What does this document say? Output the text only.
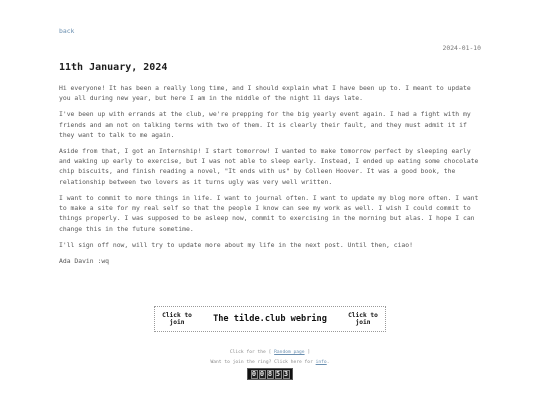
back
2024-01-10
11th January, 2024

Hi everyone! It has been a really long time, and I should explain what I have been up to. I meant to update you all during new year, but here I am in the middle of the night 11 days late.

I've been up with errands at the club, we're prepping for the big yearly event again. I had a fight with my friends and am not on talking terms with two of them. It is clearly their fault, and they must admit it if they want to talk to me again.

Aside from that, I got an Internship! I start tomorrow! I wanted to make tomorrow perfect by sleeping early and waking up early to exercise, but I was not able to sleep early. Instead, I ended up eating some chocolate chip biscuits, and finish reading a novel, "It ends with us" by Colleen Hoover. It was a good book, the relationship between two lovers as it turns ugly was very well written.

I want to commit to more things in life. I want to journal often. I want to update my blog more often. I want to make a site for my real self so that the people I know can see my work as well. I wish I could commit to things properly. I was supposed to be asleep now, commit to exercising in the morning but alas. I hope I can change this in the future sometime.

I'll sign off now, will try to update more about my life in the next post. Until then, ciao!

Ada Davin :wq

Click to join	The tilde.club webring	Click to join
Click for the [ Random page ]
Want to join the ring? Click here for info.
0 0 8 5 3
